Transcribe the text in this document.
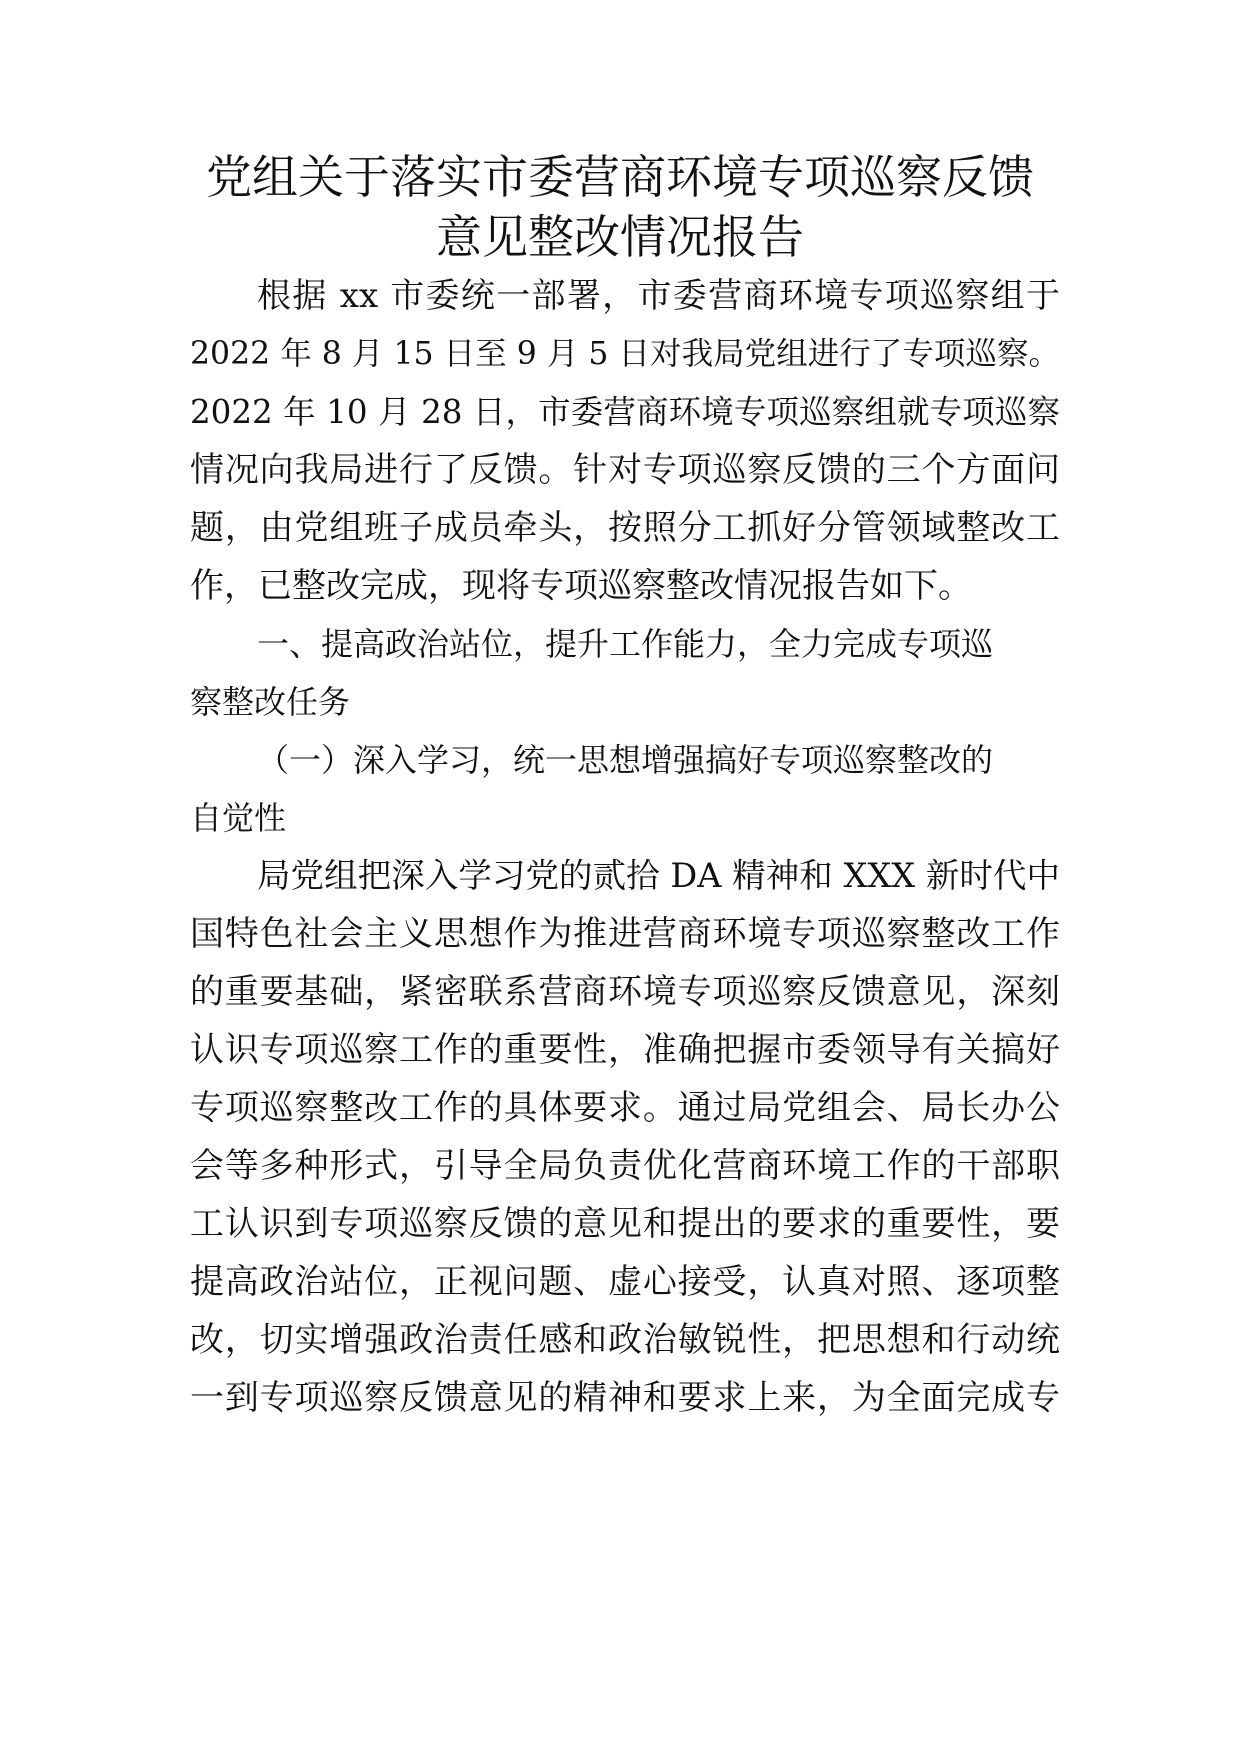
党组关于落实市委营商环境专项巡察反馈
意见整改情况报告
根据 xx 市委统一部署，市委营商环境专项巡察组于
2022 年 8 月 15 日至 9 月 5 日对我局党组进行了专项巡察。
2022 年 10 月 28 日，市委营商环境专项巡察组就专项巡察
情况向我局进行了反馈。针对专项巡察反馈的三个方面问
题，由党组班子成员牵头，按照分工抓好分管领域整改工
作，已整改完成，现将专项巡察整改情况报告如下。
一、提高政治站位，提升工作能力，全力完成专项巡
察整改任务
（一）深入学习，统一思想增强搞好专项巡察整改的
自觉性
局党组把深入学习党的贰拾 DA 精神和 XXX 新时代中
国特色社会主义思想作为推进营商环境专项巡察整改工作
的重要基础，紧密联系营商环境专项巡察反馈意见，深刻
认识专项巡察工作的重要性，准确把握市委领导有关搞好
专项巡察整改工作的具体要求。通过局党组会、局长办公
会等多种形式，引导全局负责优化营商环境工作的干部职
工认识到专项巡察反馈的意见和提出的要求的重要性，要
提高政治站位，正视问题、虚心接受，认真对照、逐项整
改，切实增强政治责任感和政治敏锐性，把思想和行动统
一到专项巡察反馈意见的精神和要求上来，为全面完成专
